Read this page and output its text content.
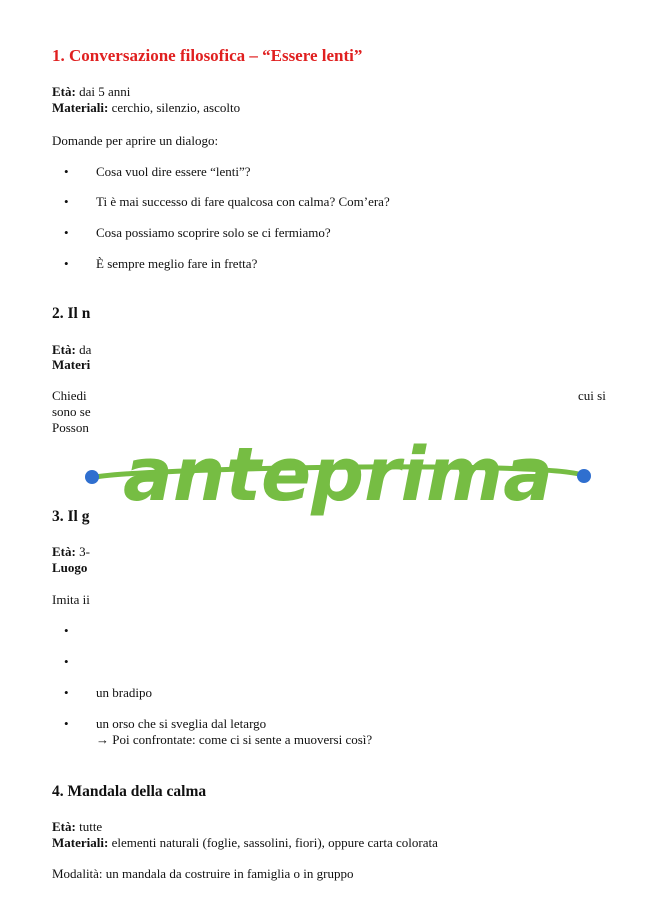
1. Conversazione filosofica – “Essere lenti”
Età: dai 5 anni
Materiali: cerchio, silenzio, ascolto
Domande per aprire un dialogo:
• Cosa vuol dire essere “lenti”?
• Ti è mai successo di fare qualcosa con calma? Com’era?
• Cosa possiamo scoprire solo se ci fermiamo?
• È sempre meglio fare in fretta?
2. Il n
Età: da
Materi
Chiedi	cui si
sono se
Posson
3. Il g
Età: 3-
Luogo
Imita ii
•
•
• un bradipo
• un orso che si sveglia dal letargo
→ Poi confrontate: come ci si sente a muoversi così?
4. Mandala della calma
Età: tutte
Materiali: elementi naturali (foglie, sassolini, fiori), oppure carta colorata
Modalità: un mandala da costruire in famiglia o in gruppo
anteprima
